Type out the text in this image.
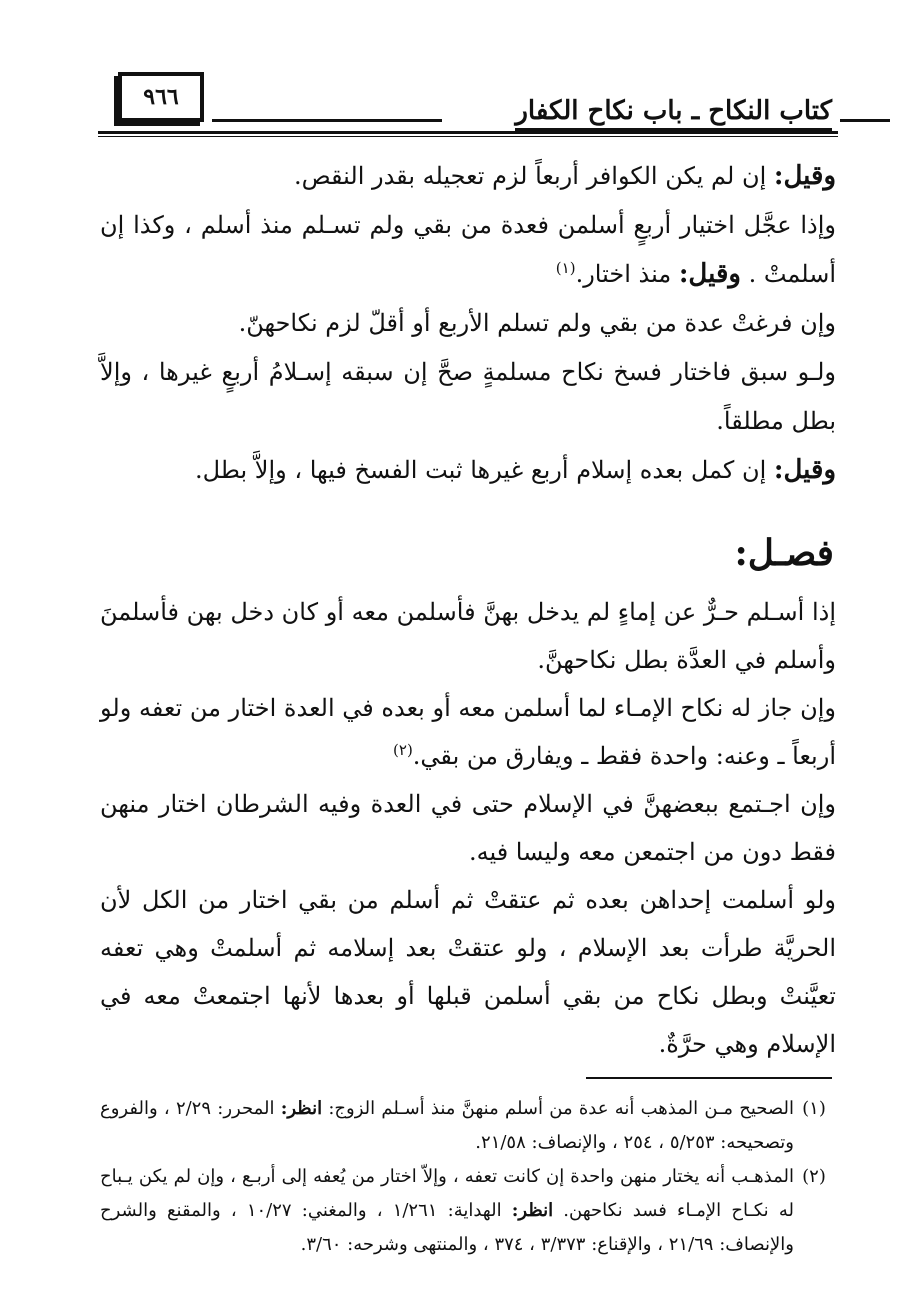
٩٦٦	كتاب النكاح ـ باب نكاح الكفار

وقيل: إن لم يكن الكوافر أربعاً لزم تعجيله بقدر النقص.

وإذا عجَّل اختيار أربعٍ أسلمن فعدة من بقي ولم تسـلم منذ أسلم ، وكذا إن أسلمتْ . وقيل: منذ اختار.$^{(١)}$

وإن فرغتْ عدة من بقي ولم تسلم الأربع أو أقلّ لزم نكاحهنّ.

ولـو سبق فاختار فسخ نكاح مسلمةٍ صحَّ إن سبقه إسـلامُ أربعٍ غيرها ، وإلاَّ بطل مطلقاً.

وقيل: إن كمل بعده إسلام أربع غيرها ثبت الفسخ فيها ، وإلاَّ بطل.

فصـل:

إذا أسـلم حـرٌّ عن إماءٍ لم يدخل بهنَّ فأسلمن معه أو كان دخل بهن فأسلمنَ وأسلم في العدَّة بطل نكاحهنَّ.

وإن جاز له نكاح الإمـاء لما أسلمن معه أو بعده في العدة اختار من تعفه ولو أربعاً ـ وعنه: واحدة فقط ـ ويفارق من بقي.$^{(٢)}$

وإن اجـتمع ببعضهنَّ في الإسلام حتى في العدة وفيه الشرطان اختار منهن فقط دون من اجتمعن معه وليسا فيه.

ولو أسلمت إحداهن بعده ثم عتقتْ ثم أسلم من بقي اختار من الكل لأن الحريَّة طرأت بعد الإسلام ، ولو عتقتْ بعد إسلامه ثم أسلمتْ وهي تعفه تعيَّنتْ وبطل نكاح من بقي أسلمن قبلها أو بعدها لأنها اجتمعتْ معه في الإسلام وهي حرَّةٌ.

(١)
الصحيح مـن المذهب أنه عدة من أسلم منهنَّ منذ أسـلم الزوج: انظر: المحرر: ٢/٢٩ ، والفروع وتصحيحه: ٥/٢٥٣ ، ٢٥٤ ، والإنصاف: ٢١/٥٨.
(٢)
المذهـب أنه يختار منهن واحدة إن كانت تعفه ، وإلاّ اختار من يُعفه إلى أربـع ، وإن لم يكن يـباح له نكـاح الإمـاء فسد نكاحهن. انظر: الهداية: ١/٢٦١ ، والمغني: ١٠/٢٧ ، والمقنع والشرح والإنصاف: ٢١/٦٩ ، والإقناع: ٣/٣٧٣ ، ٣٧٤ ، والمنتهى وشرحه: ٣/٦٠.
